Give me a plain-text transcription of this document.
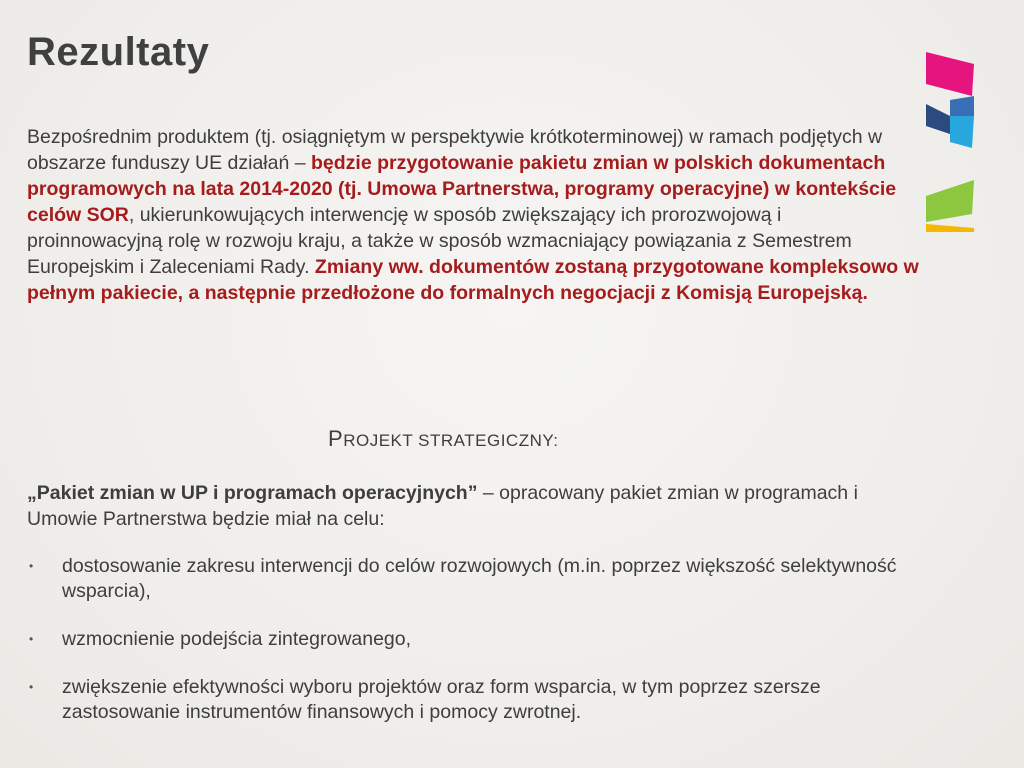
Rezultaty

Bezpośrednim produktem (tj. osiągniętym w perspektywie krótkoterminowej) w ramach podjętych w obszarze funduszy UE działań – będzie przygotowanie pakietu zmian w polskich dokumentach programowych na lata 2014-2020 (tj. Umowa Partnerstwa, programy operacyjne) w kontekście celów SOR, ukierunkowujących interwencję w sposób zwiększający ich prorozwojową i proinnowacyjną rolę w rozwoju kraju, a także w sposób wzmacniający powiązania z Semestrem Europejskim i Zaleceniami Rady. Zmiany ww. dokumentów zostaną przygotowane kompleksowo w pełnym pakiecie, a następnie przedłożone do formalnych negocjacji z Komisją Europejską.

PROJEKT STRATEGICZNY:

„Pakiet zmian w UP i programach operacyjnych” – opracowany pakiet zmian w programach i Umowie Partnerstwa będzie miał na celu:

• dostosowanie zakresu interwencji do celów rozwojowych (m.in. poprzez większość selektywność wsparcia),
• wzmocnienie podejścia zintegrowanego,
• zwiększenie efektywności wyboru projektów oraz form wsparcia, w tym poprzez szersze zastosowanie instrumentów finansowych i pomocy zwrotnej.
